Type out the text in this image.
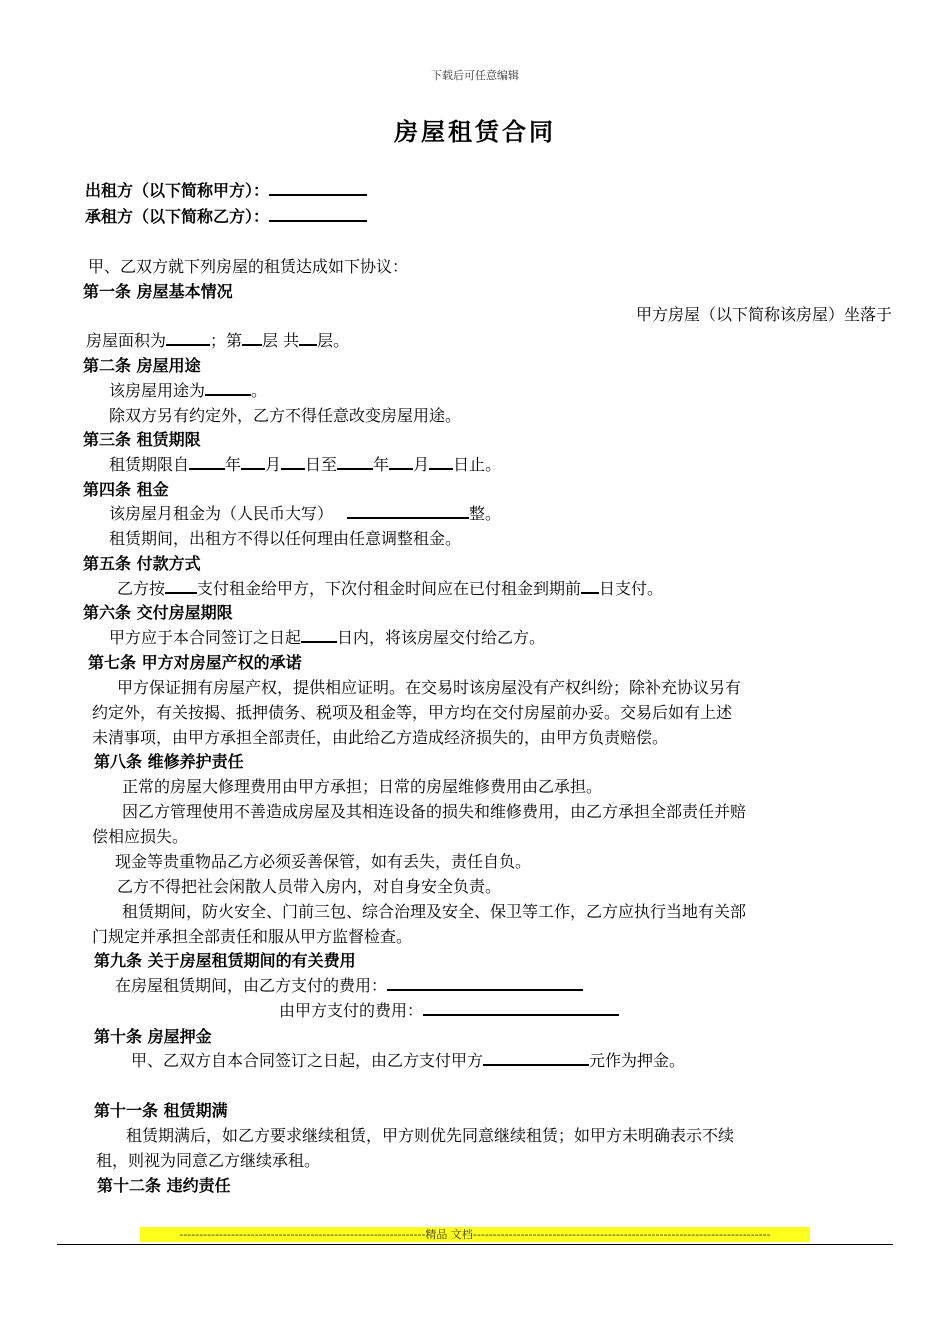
下载后可任意编辑
房屋租赁合同
出租方（以下简称甲方）：
承租方（以下简称乙方）：
甲、乙双方就下列房屋的租赁达成如下协议：
第一条 房屋基本情况
甲方房屋（以下简称该房屋）坐落于
房屋面积为	；第 层 共 层。
第二条 房屋用途
该房屋用途为	。
除双方另有约定外，乙方不得任意改变房屋用途。
第三条 租赁期限
租赁期限自 年 月 日至 年 月 日止。
第四条 租金
该房屋月租金为（人民币大写）	整。
租赁期间，出租方不得以任何理由任意调整租金。
第五条 付款方式
乙方按 支付租金给甲方，下次付租金时间应在已付租金到期前 日支付。
第六条 交付房屋期限
甲方应于本合同签订之日起 日内，将该房屋交付给乙方。
第七条 甲方对房屋产权的承诺
甲方保证拥有房屋产权，提供相应证明。在交易时该房屋没有产权纠纷；除补充协议另有
约定外，有关按揭、抵押债务、税项及租金等，甲方均在交付房屋前办妥。交易后如有上述
未清事项，由甲方承担全部责任，由此给乙方造成经济损失的，由甲方负责赔偿。
第八条 维修养护责任
正常的房屋大修理费用由甲方承担；日常的房屋维修费用由乙承担。
因乙方管理使用不善造成房屋及其相连设备的损失和维修费用，由乙方承担全部责任并赔
偿相应损失。
现金等贵重物品乙方必须妥善保管，如有丢失，责任自负。
乙方不得把社会闲散人员带入房内，对自身安全负责。
租赁期间，防火安全、门前三包、综合治理及安全、保卫等工作，乙方应执行当地有关部
门规定并承担全部责任和服从甲方监督检查。
第九条 关于房屋租赁期间的有关费用
在房屋租赁期间，由乙方支付的费用：
由甲方支付的费用：
第十条 房屋押金
甲、乙双方自本合同签订之日起，由乙方支付甲方	元作为押金。
第十一条 租赁期满
租赁期满后，如乙方要求继续租赁，甲方则优先同意继续租赁；如甲方未明确表示不续
租，则视为同意乙方继续承租。
第十二条 违约责任
--------------------------------------------------------------精品 文档---------------------------------------------------------------------------
